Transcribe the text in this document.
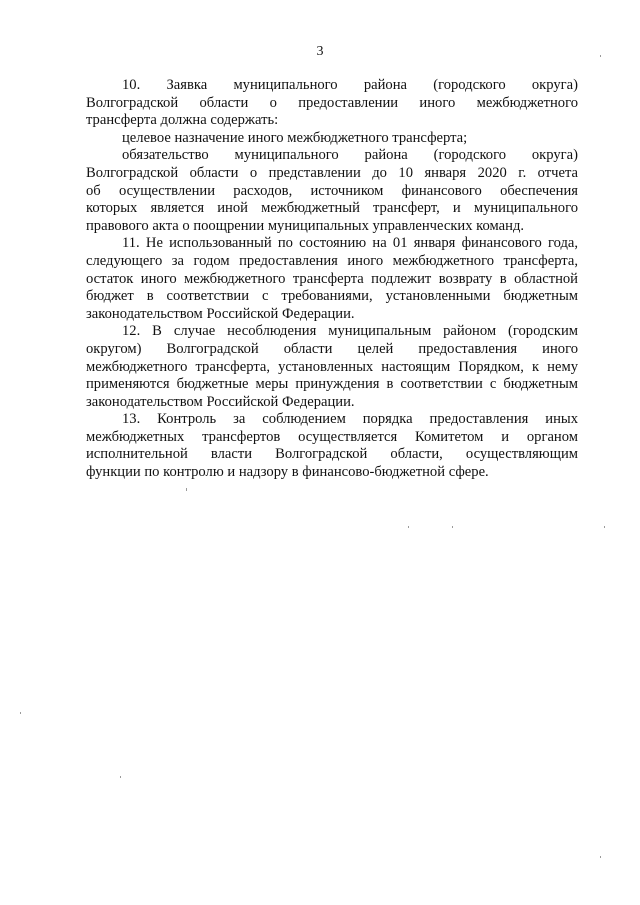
3
10. Заявка муниципального района (городского округа)
Волгоградской области о предоставлении иного межбюджетного
трансферта должна содержать:
целевое назначение иного межбюджетного трансферта;
обязательство муниципального района (городского округа)
Волгоградской области о представлении до 10 января 2020 г. отчета
об осуществлении расходов, источником финансового обеспечения
которых является иной межбюджетный трансферт, и муниципального
правового акта о поощрении муниципальных управленческих команд.
11. Не использованный по состоянию на 01 января финансового года,
следующего за годом предоставления иного межбюджетного трансферта,
остаток иного межбюджетного трансферта подлежит возврату в областной
бюджет в соответствии с требованиями, установленными бюджетным
законодательством Российской Федерации.
12. В случае несоблюдения муниципальным районом (городским
округом) Волгоградской области целей предоставления иного
межбюджетного трансферта, установленных настоящим Порядком, к нему
применяются бюджетные меры принуждения в соответствии с бюджетным
законодательством Российской Федерации.
13. Контроль за соблюдением порядка предоставления иных
межбюджетных трансфертов осуществляется Комитетом и органом
исполнительной власти Волгоградской области, осуществляющим
функции по контролю и надзору в финансово-бюджетной сфере.
